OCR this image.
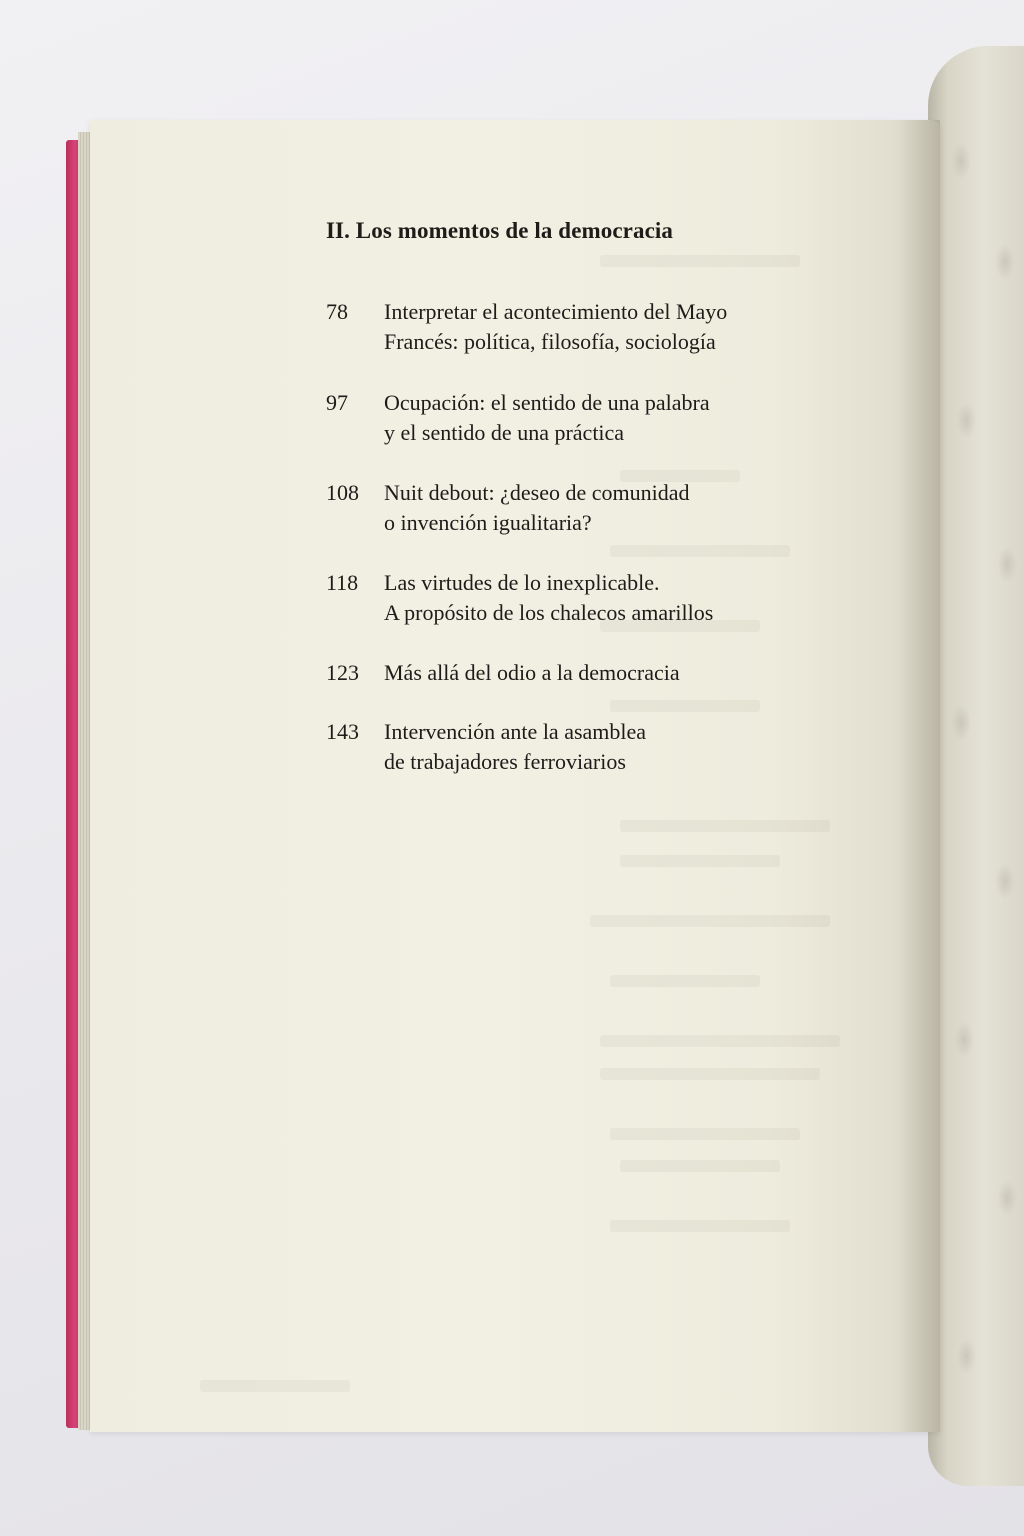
II. Los momentos de la democracia
78	Interpretar el acontecimiento del Mayo
Francés: política, filosofía, sociología
97	Ocupación: el sentido de una palabra
y el sentido de una práctica
108	Nuit debout: ¿deseo de comunidad
o invención igualitaria?
118	Las virtudes de lo inexplicable.
A propósito de los chalecos amarillos
123	Más allá del odio a la democracia
143	Intervención ante la asamblea
de trabajadores ferroviarios
